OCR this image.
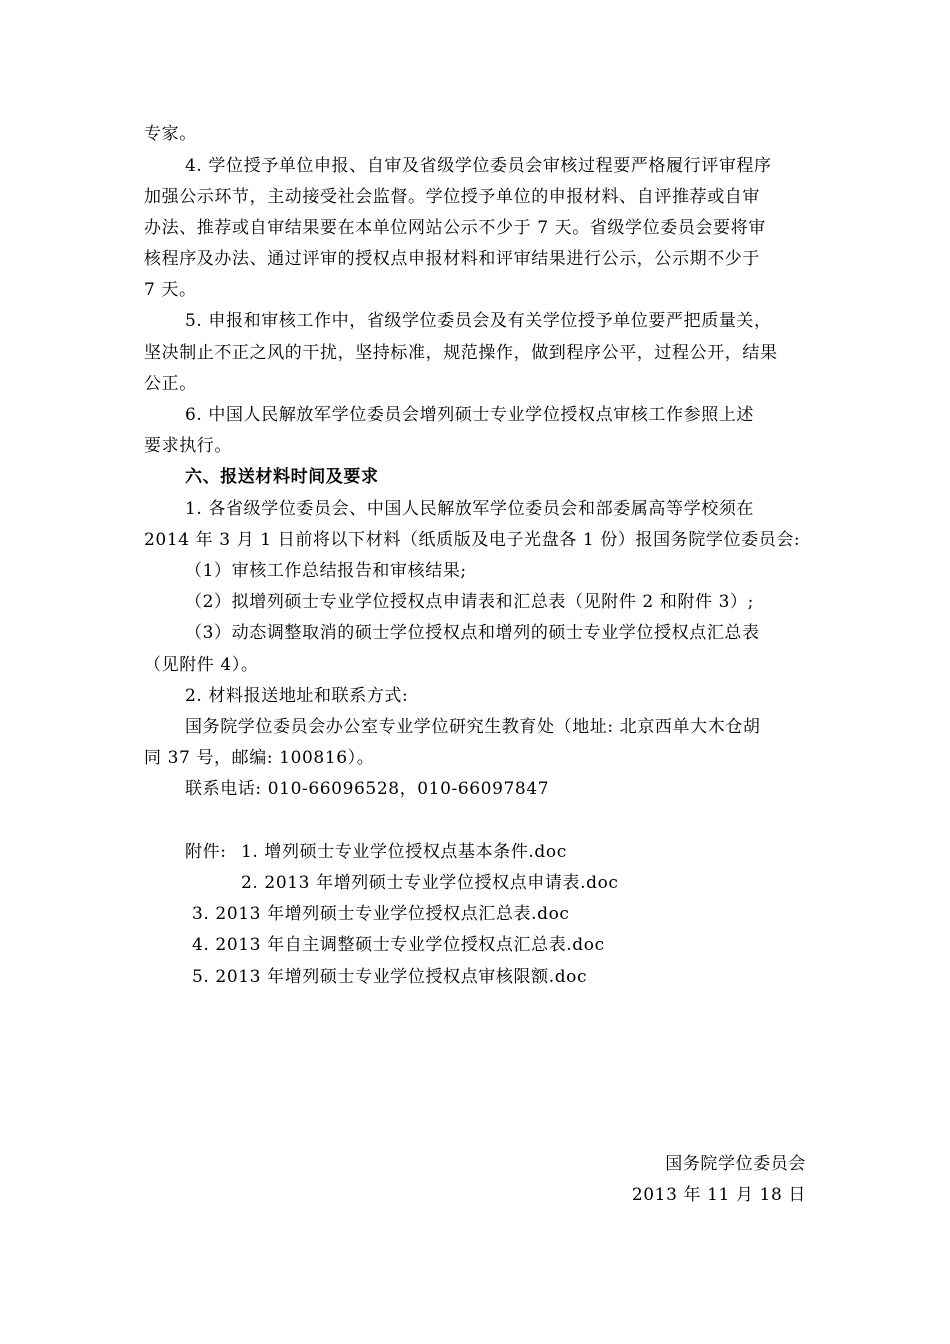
专家。
4. 学位授予单位申报、自审及省级学位委员会审核过程要严格履行评审程序
加强公示环节，主动接受社会监督。学位授予单位的申报材料、自评推荐或自审
办法、推荐或自审结果要在本单位网站公示不少于 7 天。省级学位委员会要将审
核程序及办法、通过评审的授权点申报材料和评审结果进行公示，公示期不少于
7 天。
5. 申报和审核工作中，省级学位委员会及有关学位授予单位要严把质量关，
坚决制止不正之风的干扰，坚持标准，规范操作，做到程序公平，过程公开，结果
公正。
6. 中国人民解放军学位委员会增列硕士专业学位授权点审核工作参照上述
要求执行。
六、报送材料时间及要求
1. 各省级学位委员会、中国人民解放军学位委员会和部委属高等学校须在
2014 年 3 月 1 日前将以下材料（纸质版及电子光盘各 1 份）报国务院学位委员会:
（1）审核工作总结报告和审核结果;
（2）拟增列硕士专业学位授权点申请表和汇总表（见附件 2 和附件 3）;
（3）动态调整取消的硕士学位授权点和增列的硕士专业学位授权点汇总表
（见附件 4）。
2. 材料报送地址和联系方式:
国务院学位委员会办公室专业学位研究生教育处（地址: 北京西单大木仓胡
同 37 号，邮编: 100816）。
联系电话: 010-66096528，010-66097847
附件: 1. 增列硕士专业学位授权点基本条件.doc
2. 2013 年增列硕士专业学位授权点申请表.doc
3. 2013 年增列硕士专业学位授权点汇总表.doc
4. 2013 年自主调整硕士专业学位授权点汇总表.doc
5. 2013 年增列硕士专业学位授权点审核限额.doc
国务院学位委员会
2013 年 11 月 18 日
